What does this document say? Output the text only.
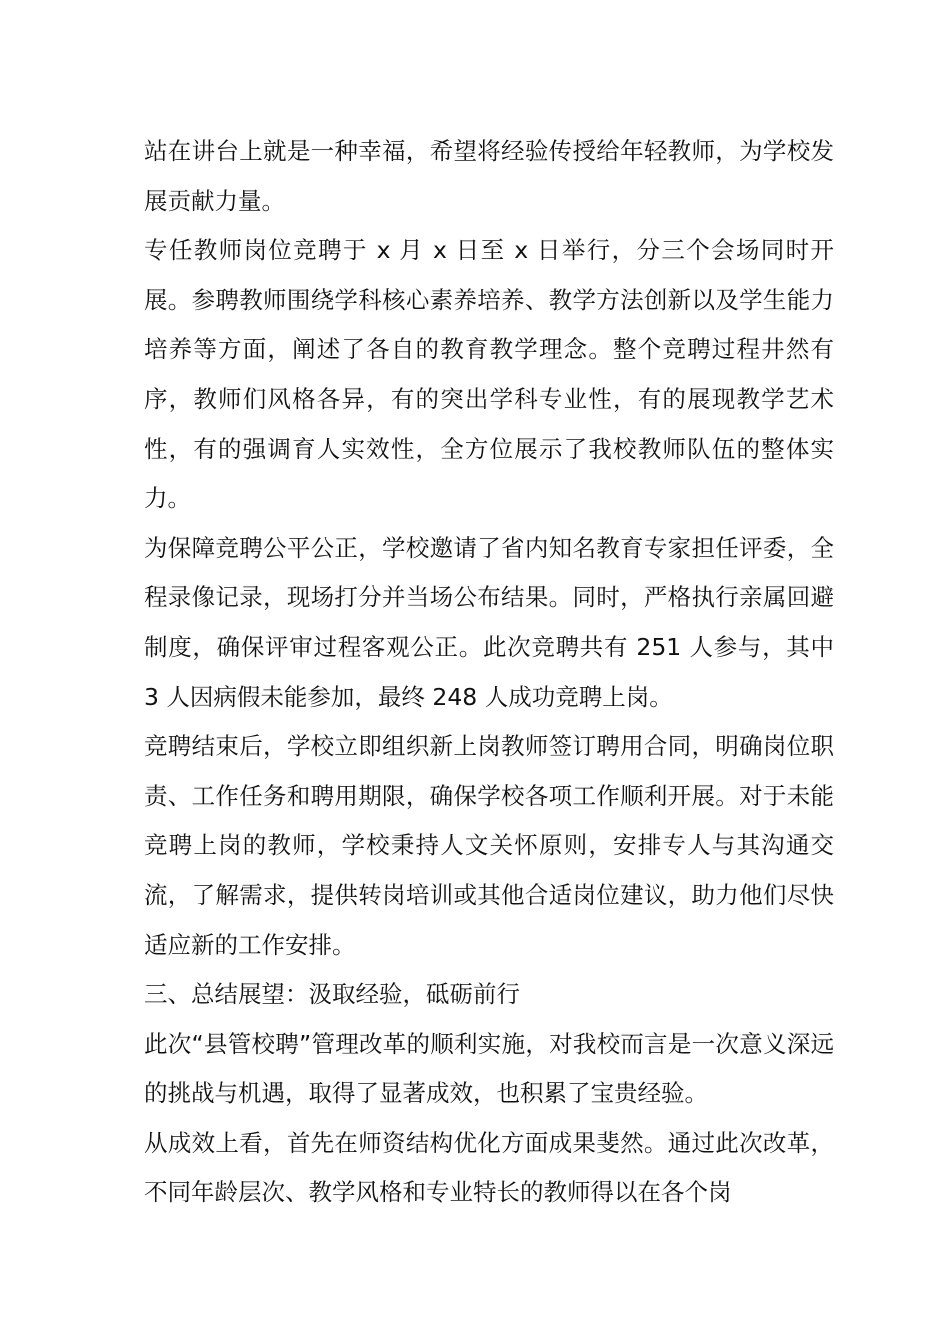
站在讲台上就是一种幸福，希望将经验传授给年轻教师，为学校发展贡献力量。

专任教师岗位竞聘于 x 月 x 日至 x 日举行，分三个会场同时开展。参聘教师围绕学科核心素养培养、教学方法创新以及学生能力培养等方面，阐述了各自的教育教学理念。整个竞聘过程井然有序，教师们风格各异，有的突出学科专业性，有的展现教学艺术性，有的强调育人实效性，全方位展示了我校教师队伍的整体实力。

为保障竞聘公平公正，学校邀请了省内知名教育专家担任评委，全程录像记录，现场打分并当场公布结果。同时，严格执行亲属回避制度，确保评审过程客观公正。此次竞聘共有 251 人参与，其中 3 人因病假未能参加，最终 248 人成功竞聘上岗。

竞聘结束后，学校立即组织新上岗教师签订聘用合同，明确岗位职责、工作任务和聘用期限，确保学校各项工作顺利开展。对于未能竞聘上岗的教师，学校秉持人文关怀原则，安排专人与其沟通交流，了解需求，提供转岗培训或其他合适岗位建议，助力他们尽快适应新的工作安排。

三、总结展望：汲取经验，砥砺前行

此次“县管校聘”管理改革的顺利实施，对我校而言是一次意义深远的挑战与机遇，取得了显著成效，也积累了宝贵经验。

从成效上看，首先在师资结构优化方面成果斐然。通过此次改革，不同年龄层次、教学风格和专业特长的教师得以在各个岗
